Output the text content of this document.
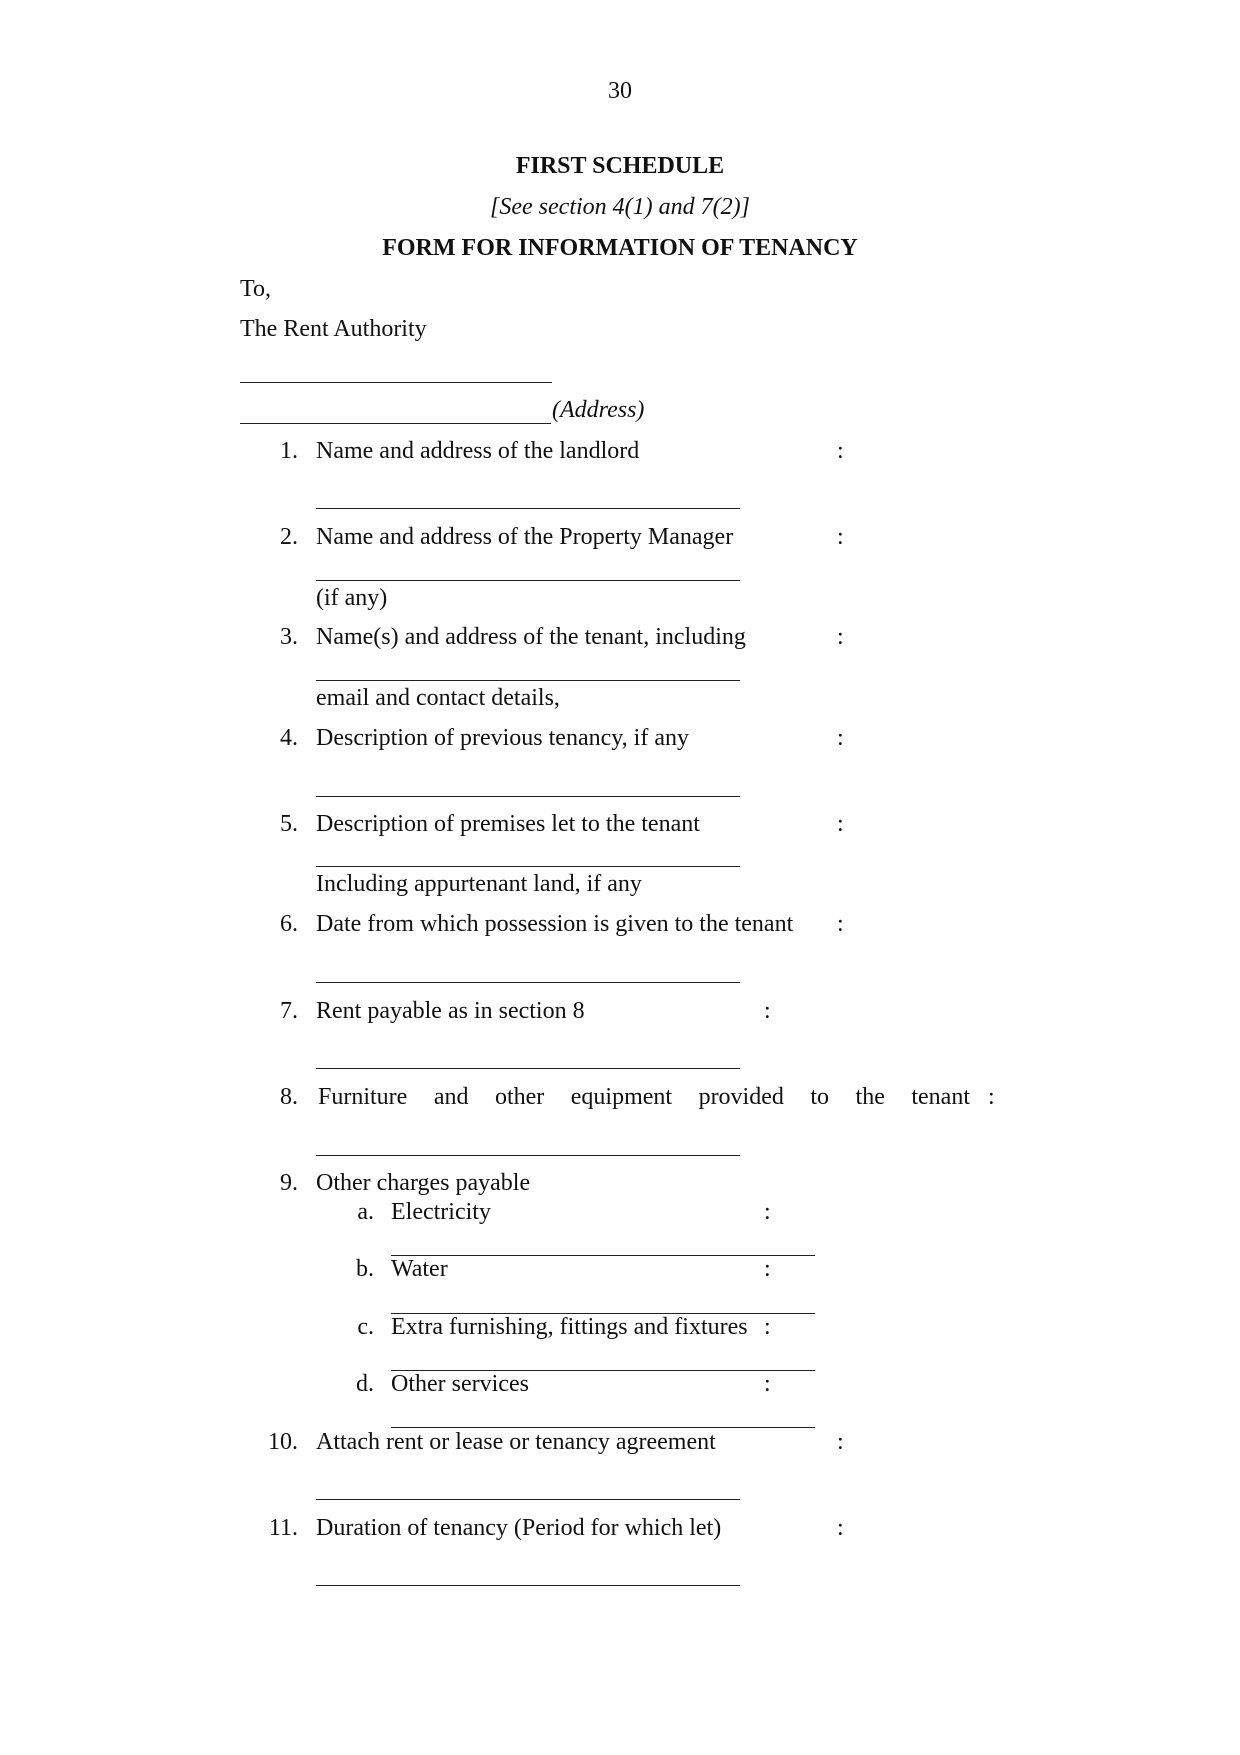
30
FIRST SCHEDULE
[See section 4(1) and 7(2)]
FORM FOR INFORMATION OF TENANCY
To,
The Rent Authority
(Address)
1. Name and address of the landlord	:
2. Name and address of the Property Manager	:
(if any)
3. Name(s) and address of the tenant, including	:
email and contact details,
4. Description of previous tenancy, if any	:
5. Description of premises let to the tenant	:
Including appurtenant land, if any
6. Date from which possession is given to the tenant :
7. Rent payable as in section 8	:
8. Furniture and other equipment provided to the tenant :
9. Other charges payable
a. Electricity	:
b. Water	:
c. Extra furnishing, fittings and fixtures :
d. Other services	:
10. Attach rent or lease or tenancy agreement	:
11. Duration of tenancy (Period for which let)	:
